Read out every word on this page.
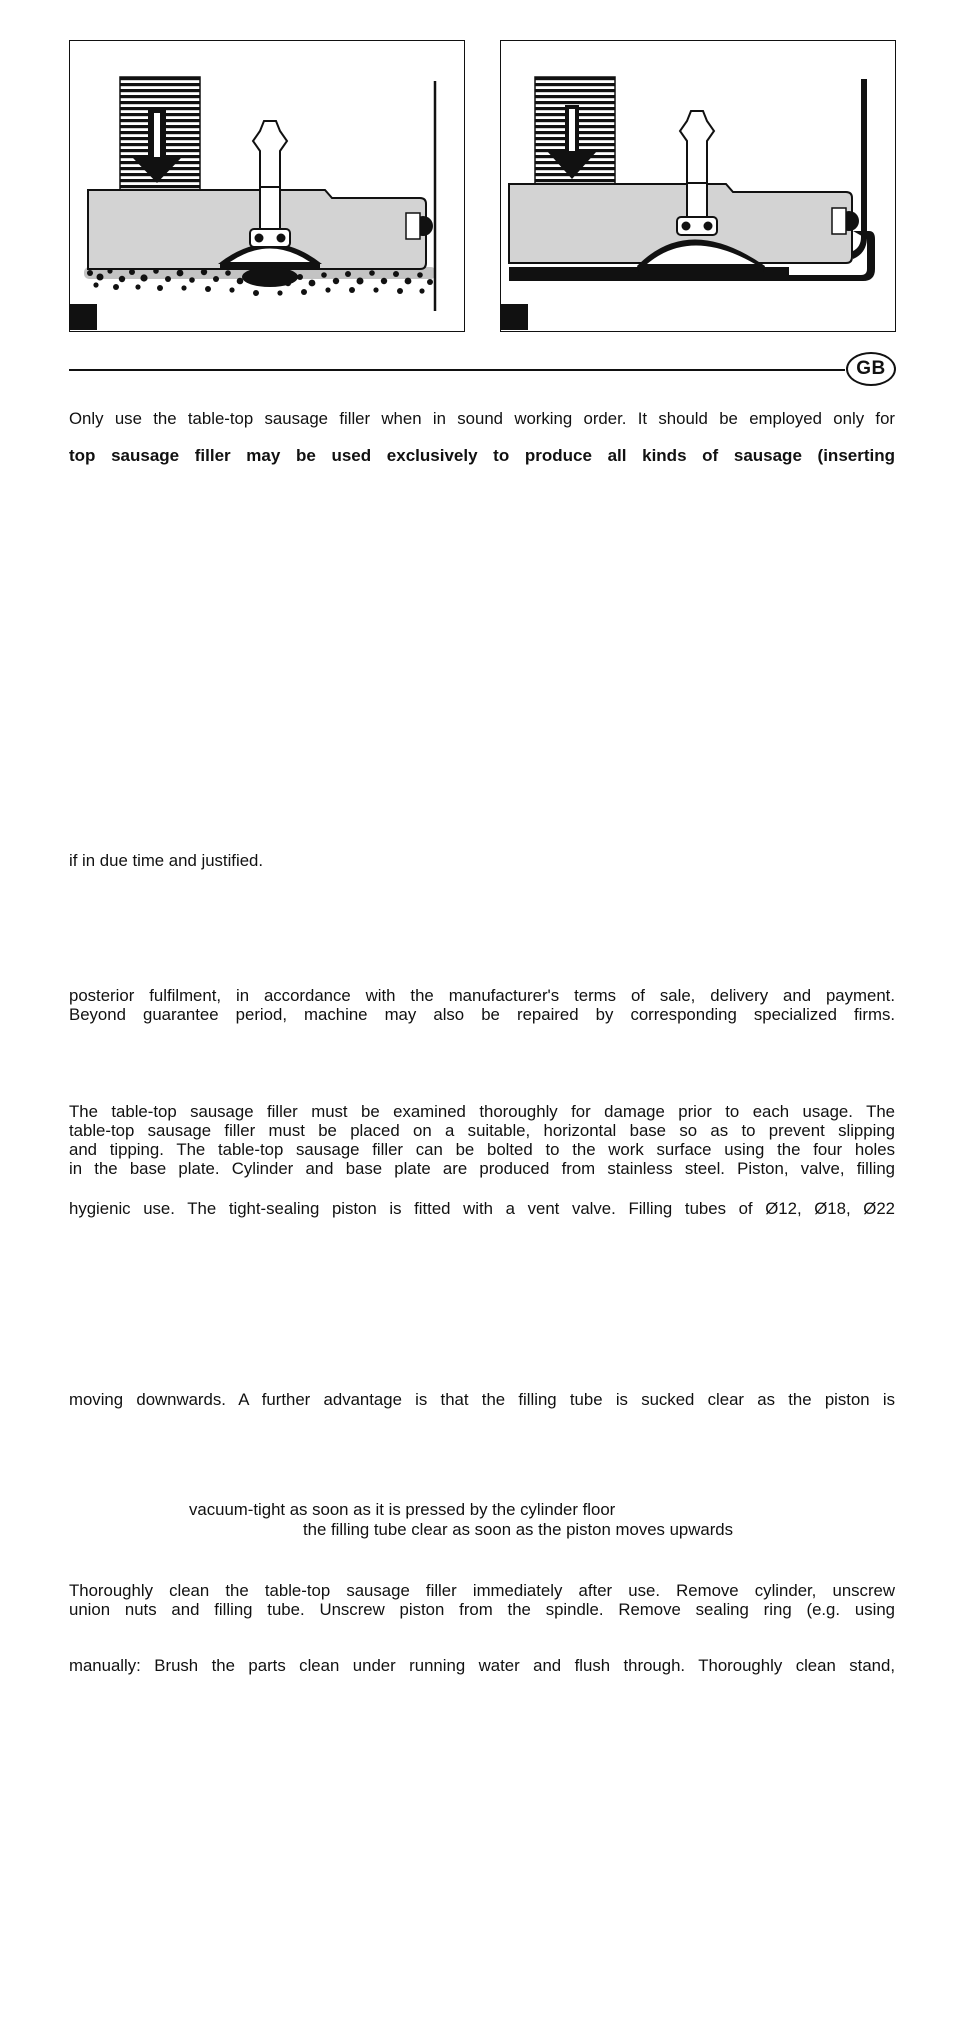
GB

Only use the table-top sausage filler when in sound working order. It should be employed only for

top sausage filler may be used exclusively to produce all kinds of sausage (inserting

if in due time and justified.

posterior fulfilment, in accordance with the manufacturer's terms of sale, delivery and payment.

Beyond guarantee period, machine may also be repaired by corresponding specialized firms.

The table-top sausage filler must be examined thoroughly for damage prior to each usage. The

table-top sausage filler must be placed on a suitable, horizontal base so as to prevent slipping

and tipping. The table-top sausage filler can be bolted to the work surface using the four holes

in the base plate. Cylinder and base plate are produced from stainless steel. Piston, valve, filling

hygienic use. The tight-sealing piston is fitted with a vent valve. Filling tubes of Ø12, Ø18, Ø22

moving downwards. A further advantage is that the filling tube is sucked clear as the piston is

vacuum-tight as soon as it is pressed by the cylinder floor

the filling tube clear as soon as the piston moves upwards

Thoroughly clean the table-top sausage filler immediately after use. Remove cylinder, unscrew

union nuts and filling tube. Unscrew piston from the spindle. Remove sealing ring (e.g. using

manually: Brush the parts clean under running water and flush through. Thoroughly clean stand,
